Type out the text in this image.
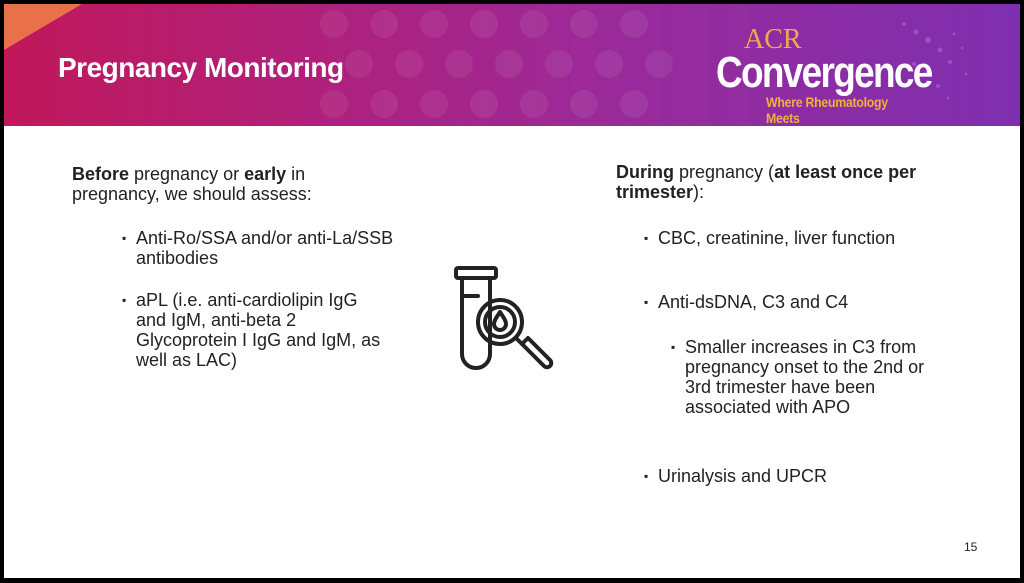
Pregnancy Monitoring
ACR
Convergence
Where Rheumatology Meets
Before pregnancy or early in pregnancy, we should assess:
▪ Anti-Ro/SSA and/or anti-La/SSB antibodies
▪ aPL (i.e. anti-cardiolipin IgG and IgM, anti-beta 2 Glycoprotein I IgG and IgM, as well as LAC)
During pregnancy (at least once per trimester):
▪ CBC, creatinine, liver function
▪ Anti-dsDNA, C3 and C4
▪ Smaller increases in C3 from pregnancy onset to the 2nd or 3rd trimester have been associated with APO
▪ Urinalysis and UPCR
15
